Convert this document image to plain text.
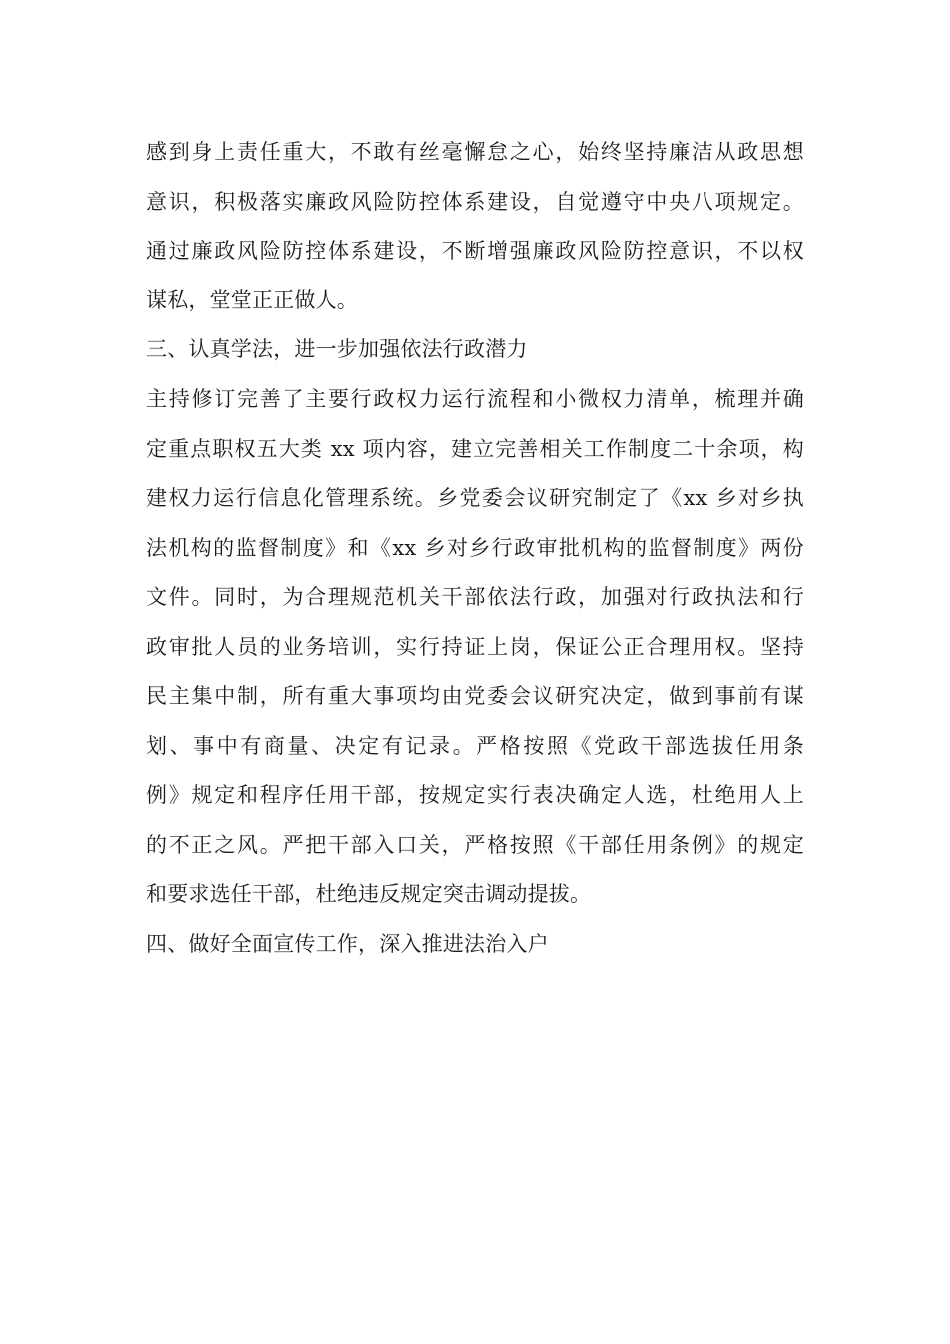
感到身上责任重大，不敢有丝毫懈怠之心，始终坚持廉洁从政思想
意识，积极落实廉政风险防控体系建设，自觉遵守中央八项规定。
通过廉政风险防控体系建设，不断增强廉政风险防控意识，不以权
谋私，堂堂正正做人。
三、认真学法，进一步加强依法行政潜力
主持修订完善了主要行政权力运行流程和小微权力清单，梳理并确
定重点职权五大类 xx 项内容，建立完善相关工作制度二十余项，构
建权力运行信息化管理系统。乡党委会议研究制定了《xx 乡对乡执
法机构的监督制度》和《xx 乡对乡行政审批机构的监督制度》两份
文件。同时，为合理规范机关干部依法行政，加强对行政执法和行
政审批人员的业务培训，实行持证上岗，保证公正合理用权。坚持
民主集中制，所有重大事项均由党委会议研究决定，做到事前有谋
划、事中有商量、决定有记录。严格按照《党政干部选拔任用条
例》规定和程序任用干部，按规定实行表决确定人选，杜绝用人上
的不正之风。严把干部入口关，严格按照《干部任用条例》的规定
和要求选任干部，杜绝违反规定突击调动提拔。
四、做好全面宣传工作，深入推进法治入户
